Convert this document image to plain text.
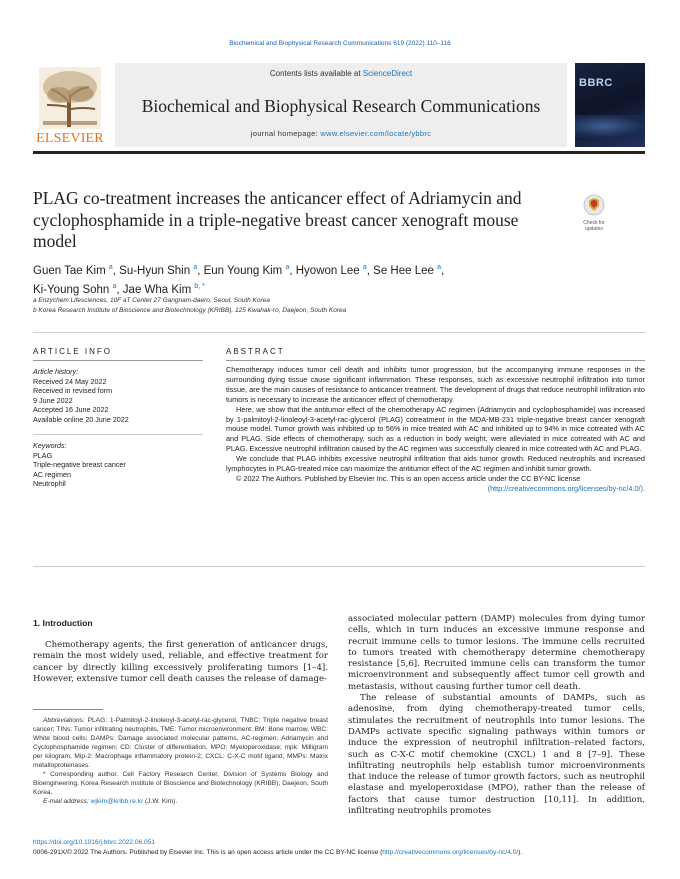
Biochemical and Biophysical Research Communications 619 (2022) 110–116
ELSEVIER
Contents lists available at ScienceDirect
Biochemical and Biophysical Research Communications
journal homepage: www.elsevier.com/locate/ybbrc
BBRC
PLAG co-treatment increases the anticancer effect of Adriamycin and cyclophosphamide in a triple-negative breast cancer xenograft mouse model
Check for
updates
Guen Tae Kim $^a$, Su-Hyun Shin $^a$, Eun Young Kim $^a$, Hyowon Lee $^a$, Se Hee Lee $^a$,
Ki-Young Sohn $^a$, Jae Wha Kim $^{b, *}$
a Enzychem Lifesciences, 10F aT Center 27 Gangnam-daero, Seoul, South Korea
b Korea Research Institute of Bioscience and Biotechnology (KRIBB), 125 Kwahak-ro, Daejeon, South Korea
ARTICLE INFO	ABSTRACT
Article history:
Received 24 May 2022
Received in revised form
9 June 2022
Accepted 16 June 2022
Available online 20 June 2022
Keywords:
PLAG
Triple-negative breast cancer
AC regimen
Neutrophil

Chemotherapy induces tumor cell death and inhibits tumor progression, but the accompanying immune responses in the surrounding dying tissue cause significant inflammation. These responses, such as excessive neutrophil infiltration into tumor tissue, are the main causes of resistance to anticancer treatment. The development of drugs that reduce neutrophil infiltration into tumors is necessary to increase the anticancer effect of chemotherapy.

Here, we show that the antitumor effect of the chemotherapy AC regimen (Adriamycin and cyclophosphamide) was increased by 1-palmitoyl-2-linoleoyl-3-acetyl-rac-glycerol (PLAG) cotreatment in the MDA-MB-231 triple-negative breast cancer xenograft mouse model. Tumor growth was inhibited up to 56% in mice treated with AC and inhibited up to 94% in mice cotreated with AC and PLAG. Side effects of chemotherapy, such as a reduction in body weight, were alleviated in mice cotreated with AC and PLAG. Excessive neutrophil infiltration caused by the AC regimen was successfully cleared in mice cotreated with AC and PLAG.

We conclude that PLAG inhibits excessive neutrophil infiltration that aids tumor growth. Reduced neutrophils and increased lymphocytes in PLAG-treated mice can maximize the antitumor effect of the AC regimen and inhibit tumor growth.

© 2022 The Authors. Published by Elsevier Inc. This is an open access article under the CC BY-NC license

(http://creativecommons.org/licenses/by-nc/4.0/).

1. Introduction

Chemotherapy agents, the first generation of anticancer drugs, remain the most widely used, reliable, and effective treatment for cancer by directly killing excessively proliferating tumors [1–4]. However, extensive tumor cell death causes the release of damage-

associated molecular pattern (DAMP) molecules from dying tumor cells, which in turn induces an excessive immune response and recruit immune cells to tumor lesions. The immune cells recruited to tumors treated with chemotherapy determine chemotherapy resistance [5,6]. Recruited immune cells can transform the tumor microenvironment and subsequently affect tumor cell growth and metastasis, without causing further tumor cell death.

The release of substantial amounts of DAMPs, such as adenosine, from dying chemotherapy-treated tumor cells, stimulates the recruitment of neutrophils into tumor lesions. The DAMPs activate specific signaling pathways within tumors or induce the expression of neutrophil infiltration–related factors, such as C-X-C motif chemokine (CXCL) 1 and 8 [7–9]. These infiltrating neutrophils help establish tumor microenvironments that induce the release of tumor growth factors, such as neutrophil elastase and myeloperoxidase (MPO), rather than the release of factors that cause tumor destruction [10,11]. In addition, infiltrating neutrophils promotes

Abbreviations: PLAG: 1-Palmitoyl-2-linoleoyl-3-acetyl-rac-glycerol, TNBC: Triple negative breast cancer; TINs: Tumor infiltrating neutrophils, TME: Tumor microenvironment; BM: Bone marrow, WBC: White blood cells; DAMPs: Damage associated molecular patterns, AC-regimen: Adriamycin and Cyclophosphamide regimen; CD: Cluster of differentiation, MPO: Myeloperoxidase; mpk: Milligram per kilogram, Mip-2: Macrophage inflammatory protein-2; CXCL: C-X-C motif ligand, MMPs: Matrix metalloproteinases.

* Corresponding author. Cell Factory Research Center, Division of Systems Biology and Bioengineering, Korea Research Institute of Bioscience and Biotechnology (KRIBB), Daejeon, South Korea.

E-mail address: wjkim@kribb.re.kr (J.W. Kim).

https://doi.org/10.1016/j.bbrc.2022.06.051
0006-291X/© 2022 The Authors. Published by Elsevier Inc. This is an open access article under the CC BY-NC license (http://creativecommons.org/licenses/by-nc/4.0/).
